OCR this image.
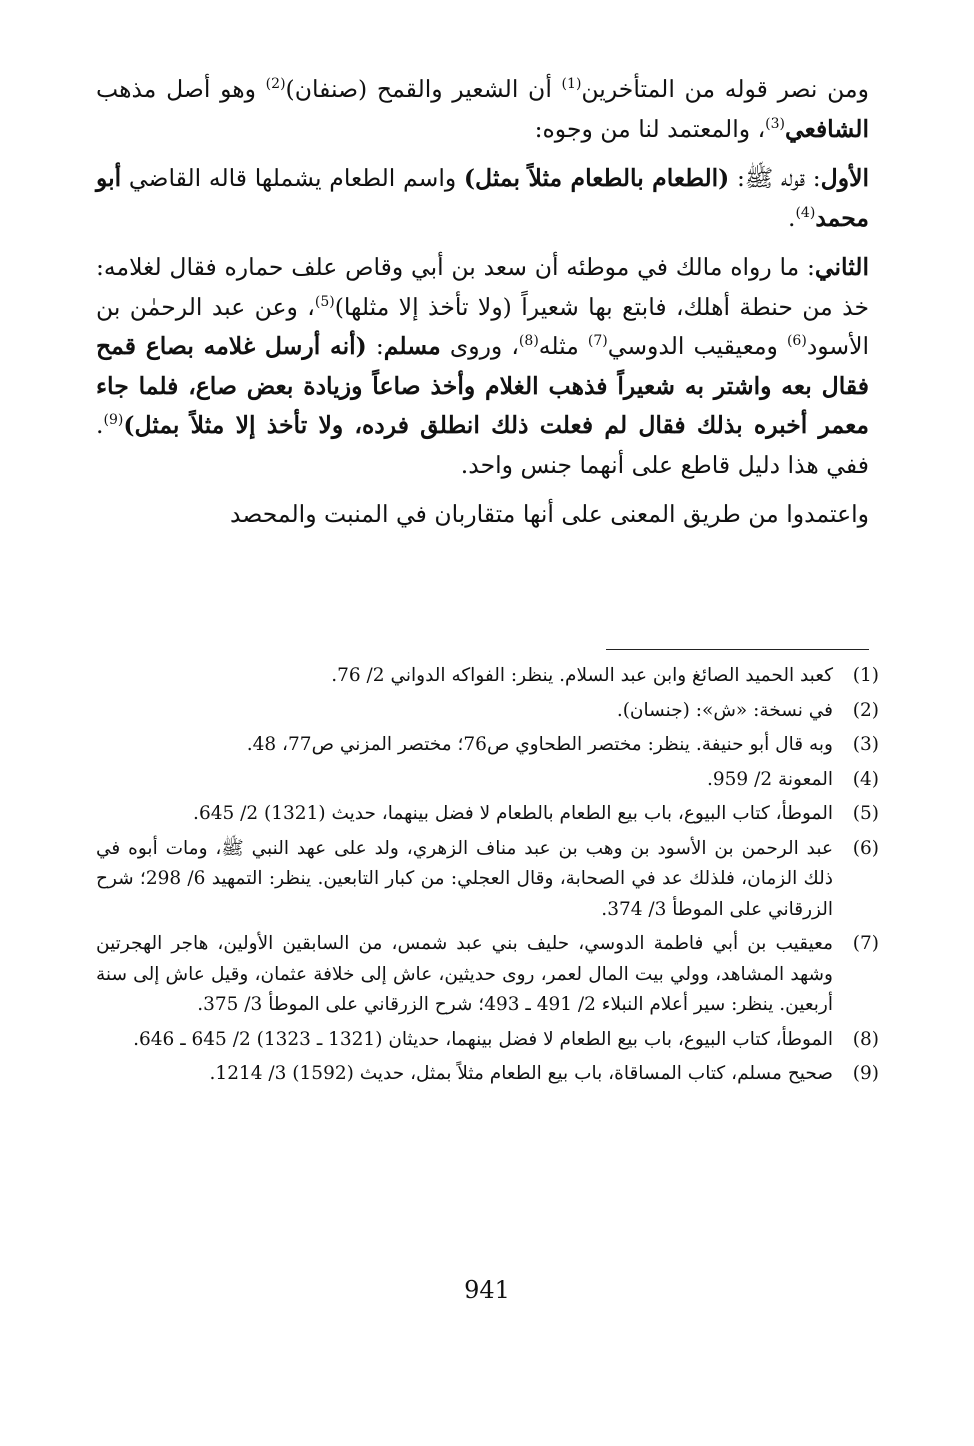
ومن نصر قوله من المتأخرين$^{(1)}$ أن الشعير والقمح (صنفان)$^{(2)}$ وهو أصل مذهب الشافعي$^{(3)}$، والمعتمد لنا من وجوه:

الأول: قوله ﷺ: (الطعام بالطعام مثلاً بمثل) واسم الطعام يشملها قاله القاضي أبو محمد$^{(4)}$.

الثاني: ما رواه مالك في موطئه أن سعد بن أبي وقاص علف حماره فقال لغلامه: خذ من حنطة أهلك، فابتع بها شعيراً (ولا تأخذ إلا مثلها)$^{(5)}$، وعن عبد الرحمٰن بن الأسود$^{(6)}$ ومعيقيب الدوسي$^{(7)}$ مثله$^{(8)}$، وروى مسلم: (أنه أرسل غلامه بصاع قمح فقال بعه واشتر به شعيراً فذهب الغلام وأخذ صاعاً وزيادة بعض صاع، فلما جاء معمر أخبره بذلك فقال لم فعلت ذلك انطلق فرده، ولا تأخذ إلا مثلاً بمثل)$^{(9)}$. ففي هذا دليل قاطع على أنهما جنس واحد.

واعتمدوا من طريق المعنى على أنها متقاربان في المنبت والمحصد

(1)
كعبد الحميد الصائغ وابن عبد السلام. ينظر: الفواكه الدواني 2/ 76.
(2)
في نسخة: «ش»: (جنسان).
(3)
وبه قال أبو حنيفة. ينظر: مختصر الطحاوي ص76؛ مختصر المزني ص77، 48.
(4)
المعونة 2/ 959.
(5)
الموطأ، كتاب البيوع، باب بيع الطعام بالطعام لا فضل بينهما، حديث (1321) 2/ 645.
(6)
عبد الرحمن بن الأسود بن وهب بن عبد مناف الزهري، ولد على عهد النبي ﷺ، ومات أبوه في ذلك الزمان، فلذلك عد في الصحابة، وقال العجلي: من كبار التابعين. ينظر: التمهيد 6/ 298؛ شرح الزرقاني على الموطأ 3/ 374.
(7)
معيقيب بن أبي فاطمة الدوسي، حليف بني عبد شمس، من السابقين الأولين، هاجر الهجرتين وشهد المشاهد، وولي بيت المال لعمر، روى حديثين، عاش إلى خلافة عثمان، وقيل عاش إلى سنة أربعين. ينظر: سير أعلام النبلاء 2/ 491 ـ 493؛ شرح الزرقاني على الموطأ 3/ 375.
(8)
الموطأ، كتاب البيوع، باب بيع الطعام لا فضل بينهما، حديثان (1321 ـ 1323) 2/ 645 ـ 646.
(9)
صحيح مسلم، كتاب المساقاة، باب بيع الطعام مثلاً بمثل، حديث (1592) 3/ 1214.
941
